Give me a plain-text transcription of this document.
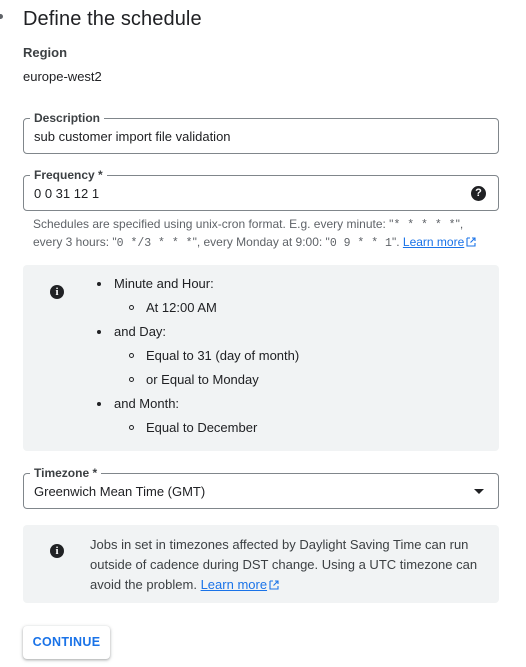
Define the schedule
Region
europe-west2
Description
sub customer import file validation
Frequency *
0 0 31 12 1	?
Schedules are specified using unix-cron format. E.g. every minute: "* * * * *",
every 3 hours: "0 */3 * * *", every Monday at 9:00: "0 9 * * 1". Learn more
i
Minute and Hour:
At 12:00 AM
and Day:
Equal to 31 (day of month)
or Equal to Monday
and Month:
Equal to December
Timezone *
Greenwich Mean Time (GMT)
i	Jobs in set in timezones affected by Daylight Saving Time can run outside of cadence during DST change. Using a UTC timezone can avoid the problem. Learn more
CONTINUE
